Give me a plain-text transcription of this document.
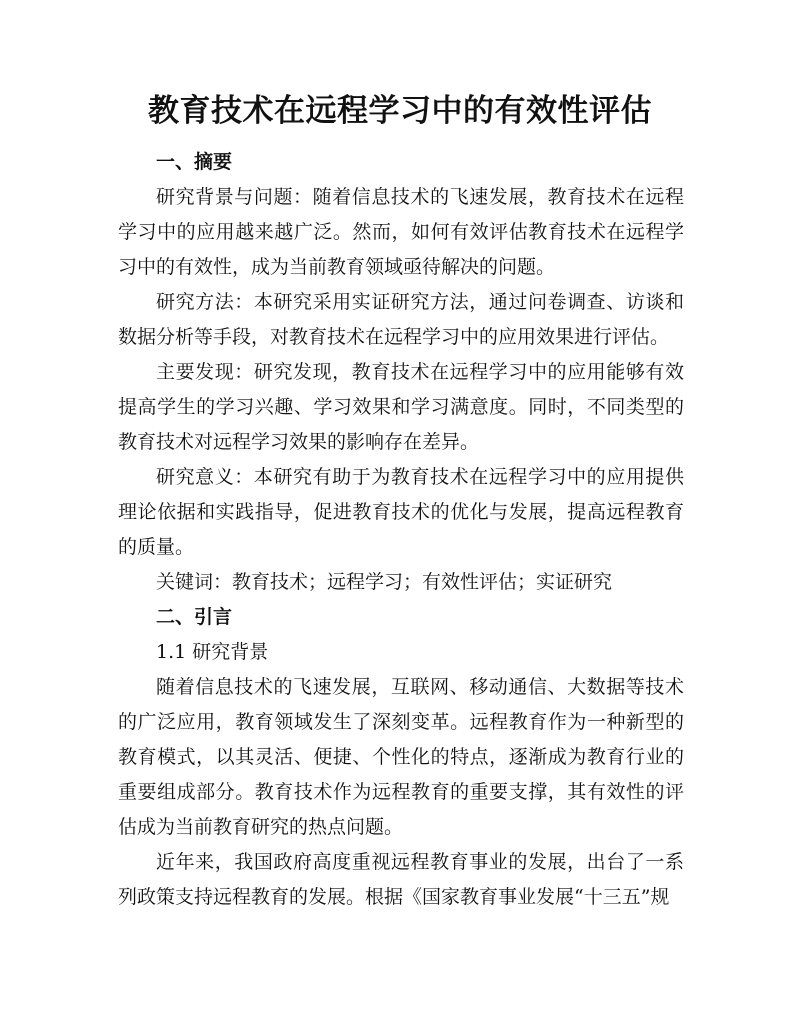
教育技术在远程学习中的有效性评估

一、摘要

研究背景与问题：随着信息技术的飞速发展，教育技术在远程学习中的应用越来越广泛。然而，如何有效评估教育技术在远程学习中的有效性，成为当前教育领域亟待解决的问题。

研究方法：本研究采用实证研究方法，通过问卷调查、访谈和数据分析等手段，对教育技术在远程学习中的应用效果进行评估。

主要发现：研究发现，教育技术在远程学习中的应用能够有效提高学生的学习兴趣、学习效果和学习满意度。同时，不同类型的教育技术对远程学习效果的影响存在差异。

研究意义：本研究有助于为教育技术在远程学习中的应用提供理论依据和实践指导，促进教育技术的优化与发展，提高远程教育的质量。

关键词：教育技术；远程学习；有效性评估；实证研究

二、引言

1.1 研究背景

随着信息技术的飞速发展，互联网、移动通信、大数据等技术的广泛应用，教育领域发生了深刻变革。远程教育作为一种新型的教育模式，以其灵活、便捷、个性化的特点，逐渐成为教育行业的重要组成部分。教育技术作为远程教育的重要支撑，其有效性的评估成为当前教育研究的热点问题。

近年来，我国政府高度重视远程教育事业的发展，出台了一系列政策支持远程教育的发展。根据《国家教育事业发展“十三五”规
